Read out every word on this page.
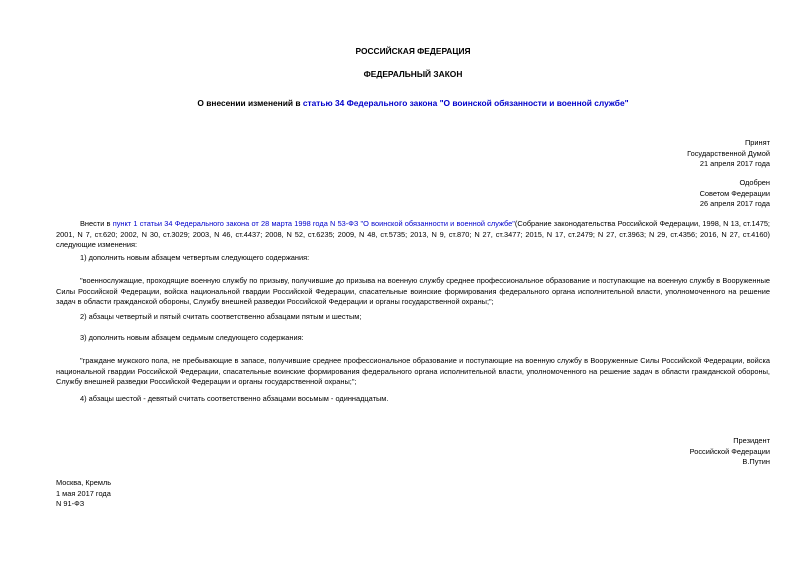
РОССИЙСКАЯ ФЕДЕРАЦИЯ
ФЕДЕРАЛЬНЫЙ ЗАКОН
О внесении изменений в статью 34 Федерального закона "О воинской обязанности и военной службе"
Принят
Государственной Думой
21 апреля 2017 года
Одобрен
Советом Федерации
26 апреля 2017 года
Внести в пункт 1 статьи 34 Федерального закона от 28 марта 1998 года N 53-ФЗ "О воинской обязанности и военной службе"(Собрание законодательства Российской Федерации, 1998, N 13, ст.1475; 2001, N 7, ст.620; 2002, N 30, ст.3029; 2003, N 46, ст.4437; 2008, N 52, ст.6235; 2009, N 48, ст.5735; 2013, N 9, ст.870; N 27, ст.3477; 2015, N 17, ст.2479; N 27, ст.3963; N 29, ст.4356; 2016, N 27, ст.4160) следующие изменения:
1) дополнить новым абзацем четвертым следующего содержания:
"военнослужащие, проходящие военную службу по призыву, получившие до призыва на военную службу среднее профессиональное образование и поступающие на военную службу в Вооруженные Силы Российской Федерации, войска национальной гвардии Российской Федерации, спасательные воинские формирования федерального органа исполнительной власти, уполномоченного на решение задач в области гражданской обороны, Службу внешней разведки Российской Федерации и органы государственной охраны;";
2) абзацы четвертый и пятый считать соответственно абзацами пятым и шестым;
3) дополнить новым абзацем седьмым следующего содержания:
"граждане мужского пола, не пребывающие в запасе, получившие среднее профессиональное образование и поступающие на военную службу в Вооруженные Силы Российской Федерации, войска национальной гвардии Российской Федерации, спасательные воинские формирования федерального органа исполнительной власти, уполномоченного на решение задач в области гражданской обороны, Службу внешней разведки Российской Федерации и органы государственной охраны;";
4) абзацы шестой - девятый считать соответственно абзацами восьмым - одиннадцатым.
Президент
Российской Федерации
В.Путин
Москва, Кремль
1 мая 2017 года
N 91-ФЗ
